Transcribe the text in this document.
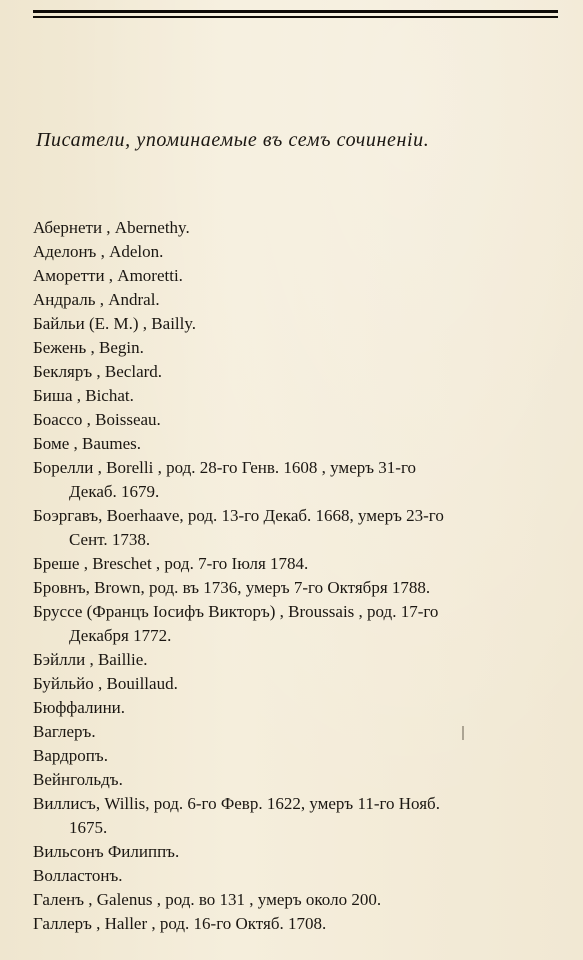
Писатели, упоминаемые въ семъ сочиненіи.
Абернети , Abernethy.
Аделонъ , Adelon.
Аморетти , Amoretti.
Андраль , Andral.
Байльи (Е. М.) , Bailly.
Бежень , Begin.
Бекляръ , Beclard.
Биша , Bichat.
Боассо , Boisseau.
Боме , Baumes.
Борелли , Borelli , род. 28-го Генв. 1608 , умеръ 31-го
Декаб. 1679.
Боэргавъ, Boerhaave, род. 13-го Декаб. 1668, умеръ 23-го
Сент. 1738.
Бреше , Breschet , род. 7-го Іюля 1784.
Бровнъ, Brown, род. въ 1736, умеръ 7-го Октября 1788.
Бруссе (Францъ Іосифъ Викторъ) , Broussais , род. 17-го
Декабря 1772.
Бэйлли , Baillie.
Буйльйо , Bouillaud.
Бюффалини.
Ваглеръ.
Вардропъ.
Вейнгольдъ.
Виллисъ, Willis, род. 6-го Февр. 1622, умеръ 11-го Нояб.
1675.
Вильсонъ Филиппъ.
Волластонъ.
Галенъ , Galenus , род. во 131 , умеръ около 200.
Галлеръ , Haller , род. 16-го Октяб. 1708.
